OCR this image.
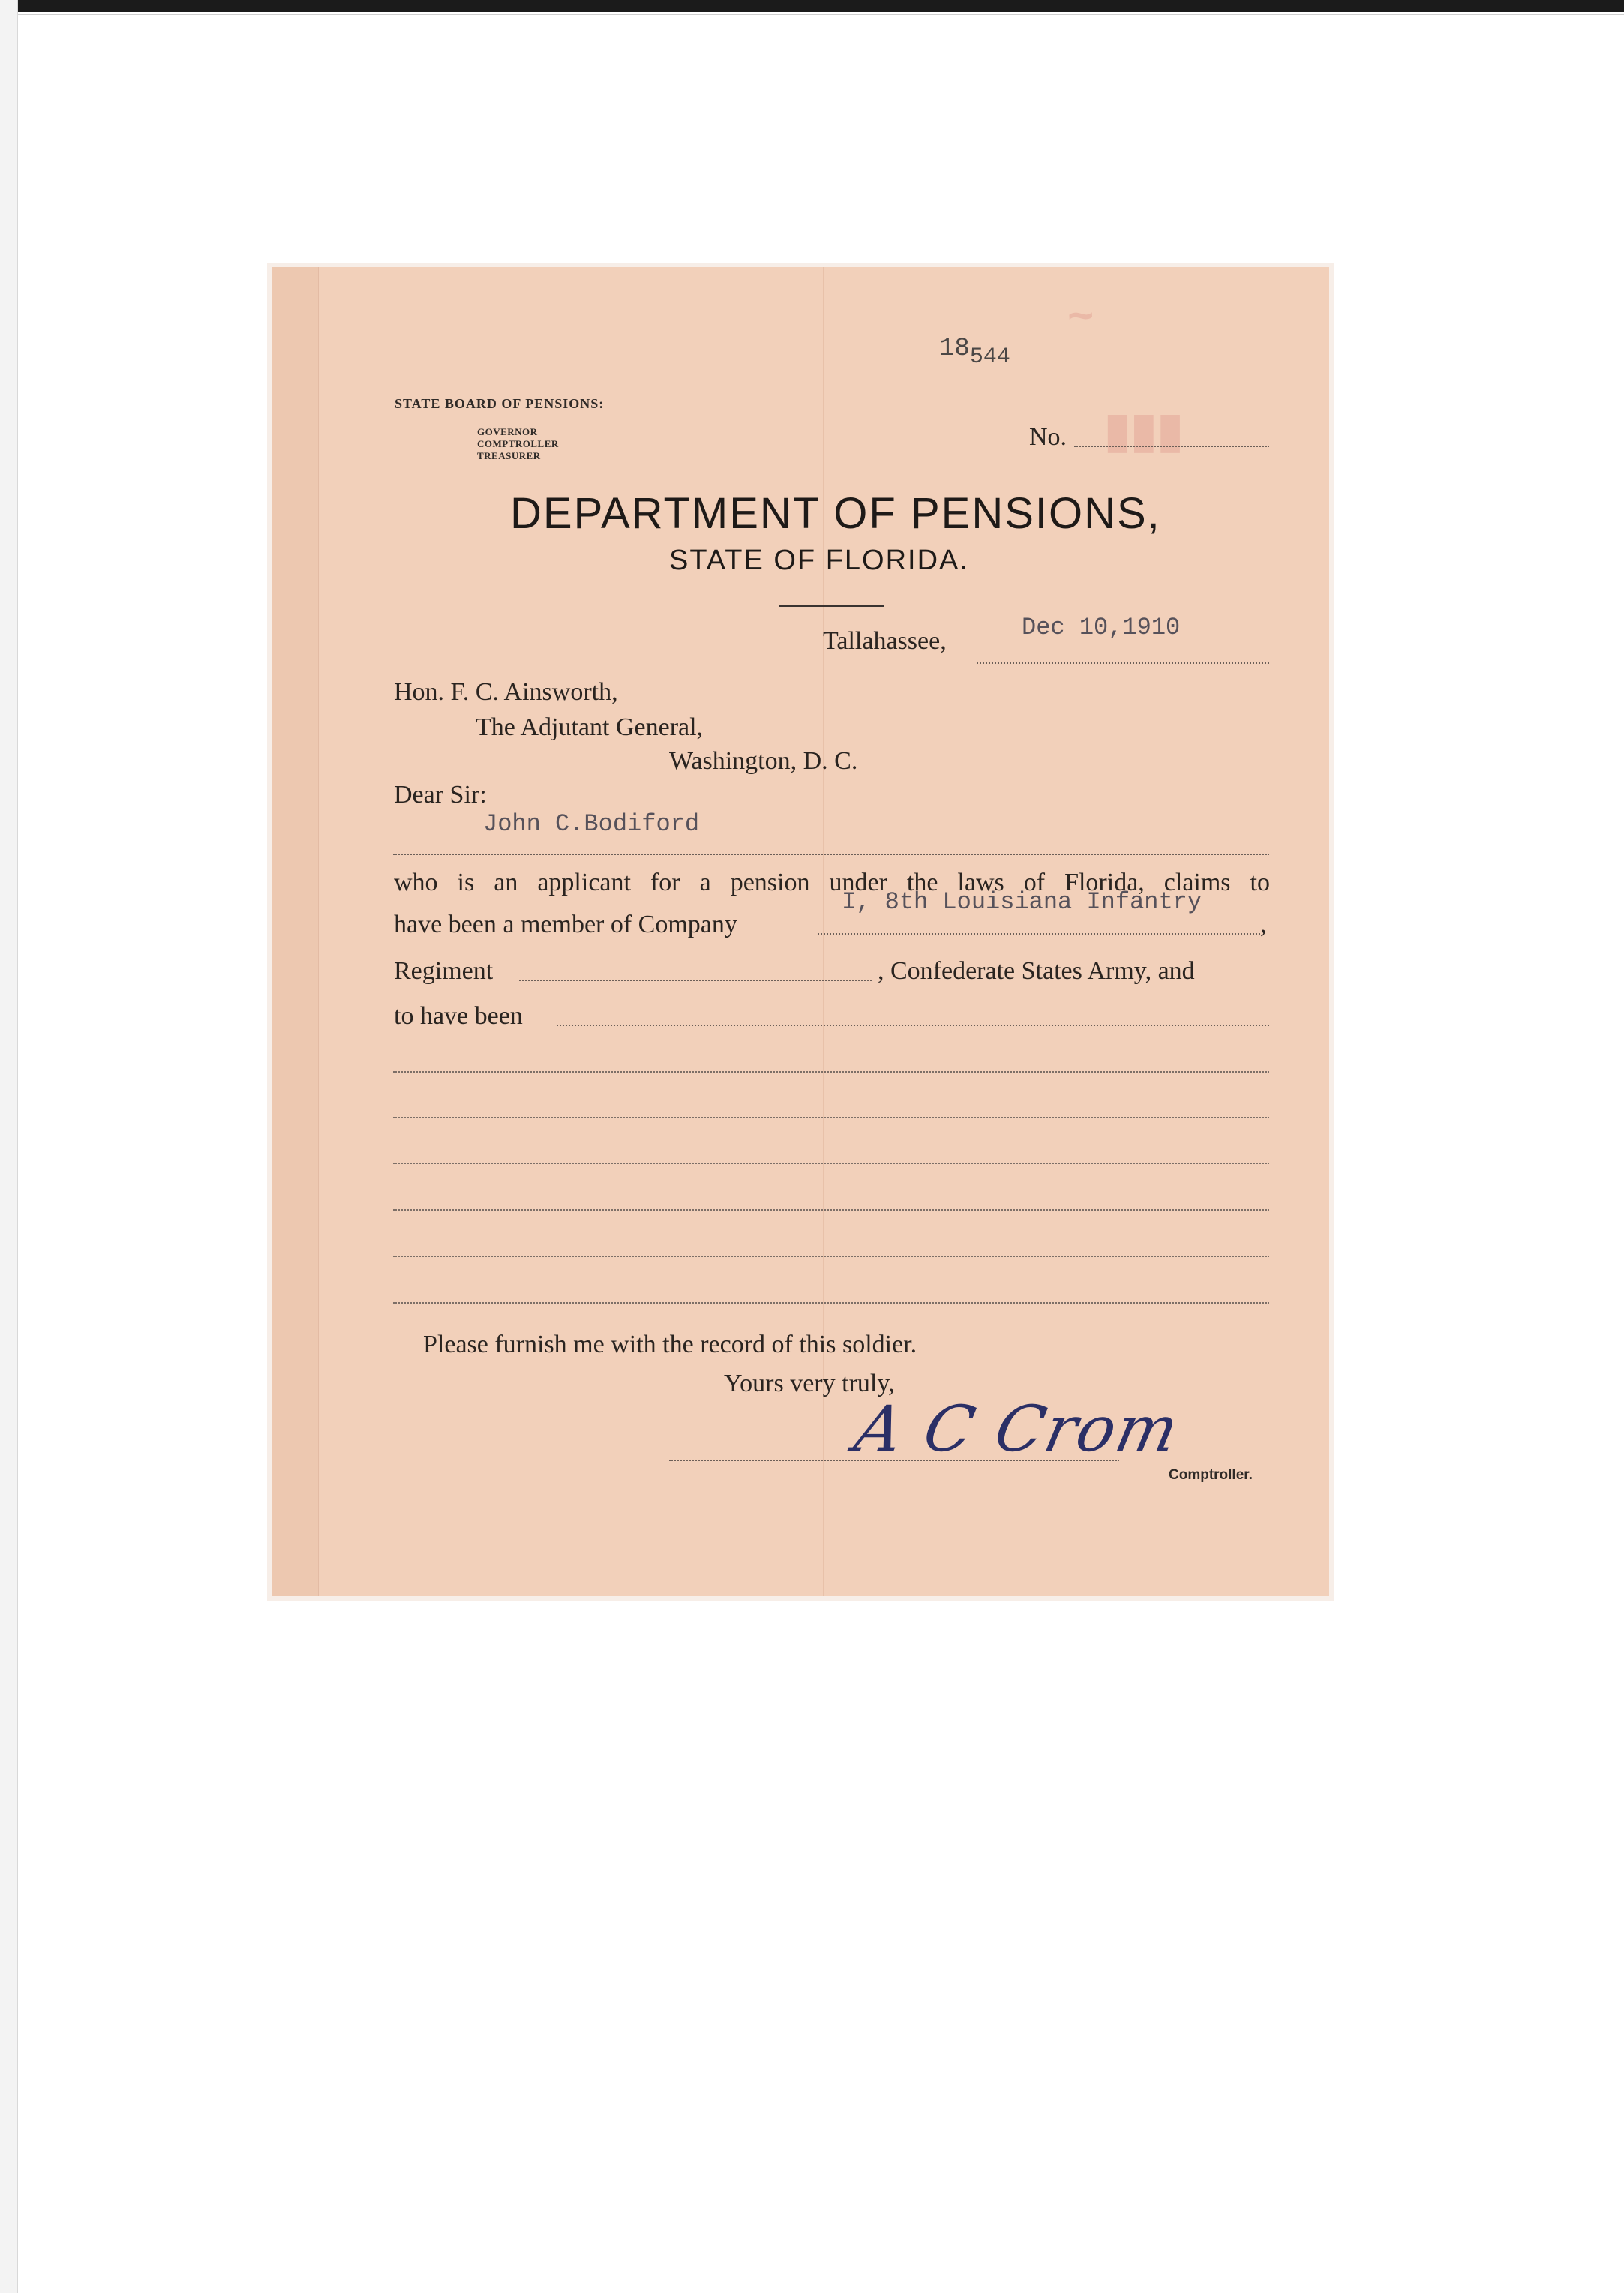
~
▮▮▮
18544
STATE BOARD OF PENSIONS:
GOVERNOR
COMPTROLLER
TREASURER
No.
DEPARTMENT OF PENSIONS,
STATE OF FLORIDA.
Tallahassee,	Dec 10,1910
Hon. F. C. Ainsworth,
The Adjutant General,
Washington, D. C.
Dear Sir:
John C.Bodiford
who is an applicant for a pension under the laws of Florida, claims to
have been a member of Company
I, 8th Louisiana Infantry
,
Regiment	, Confederate States Army, and
to have been
Please furnish me with the record of this soldier.
Yours very truly,
A C Crom
Comptroller.
